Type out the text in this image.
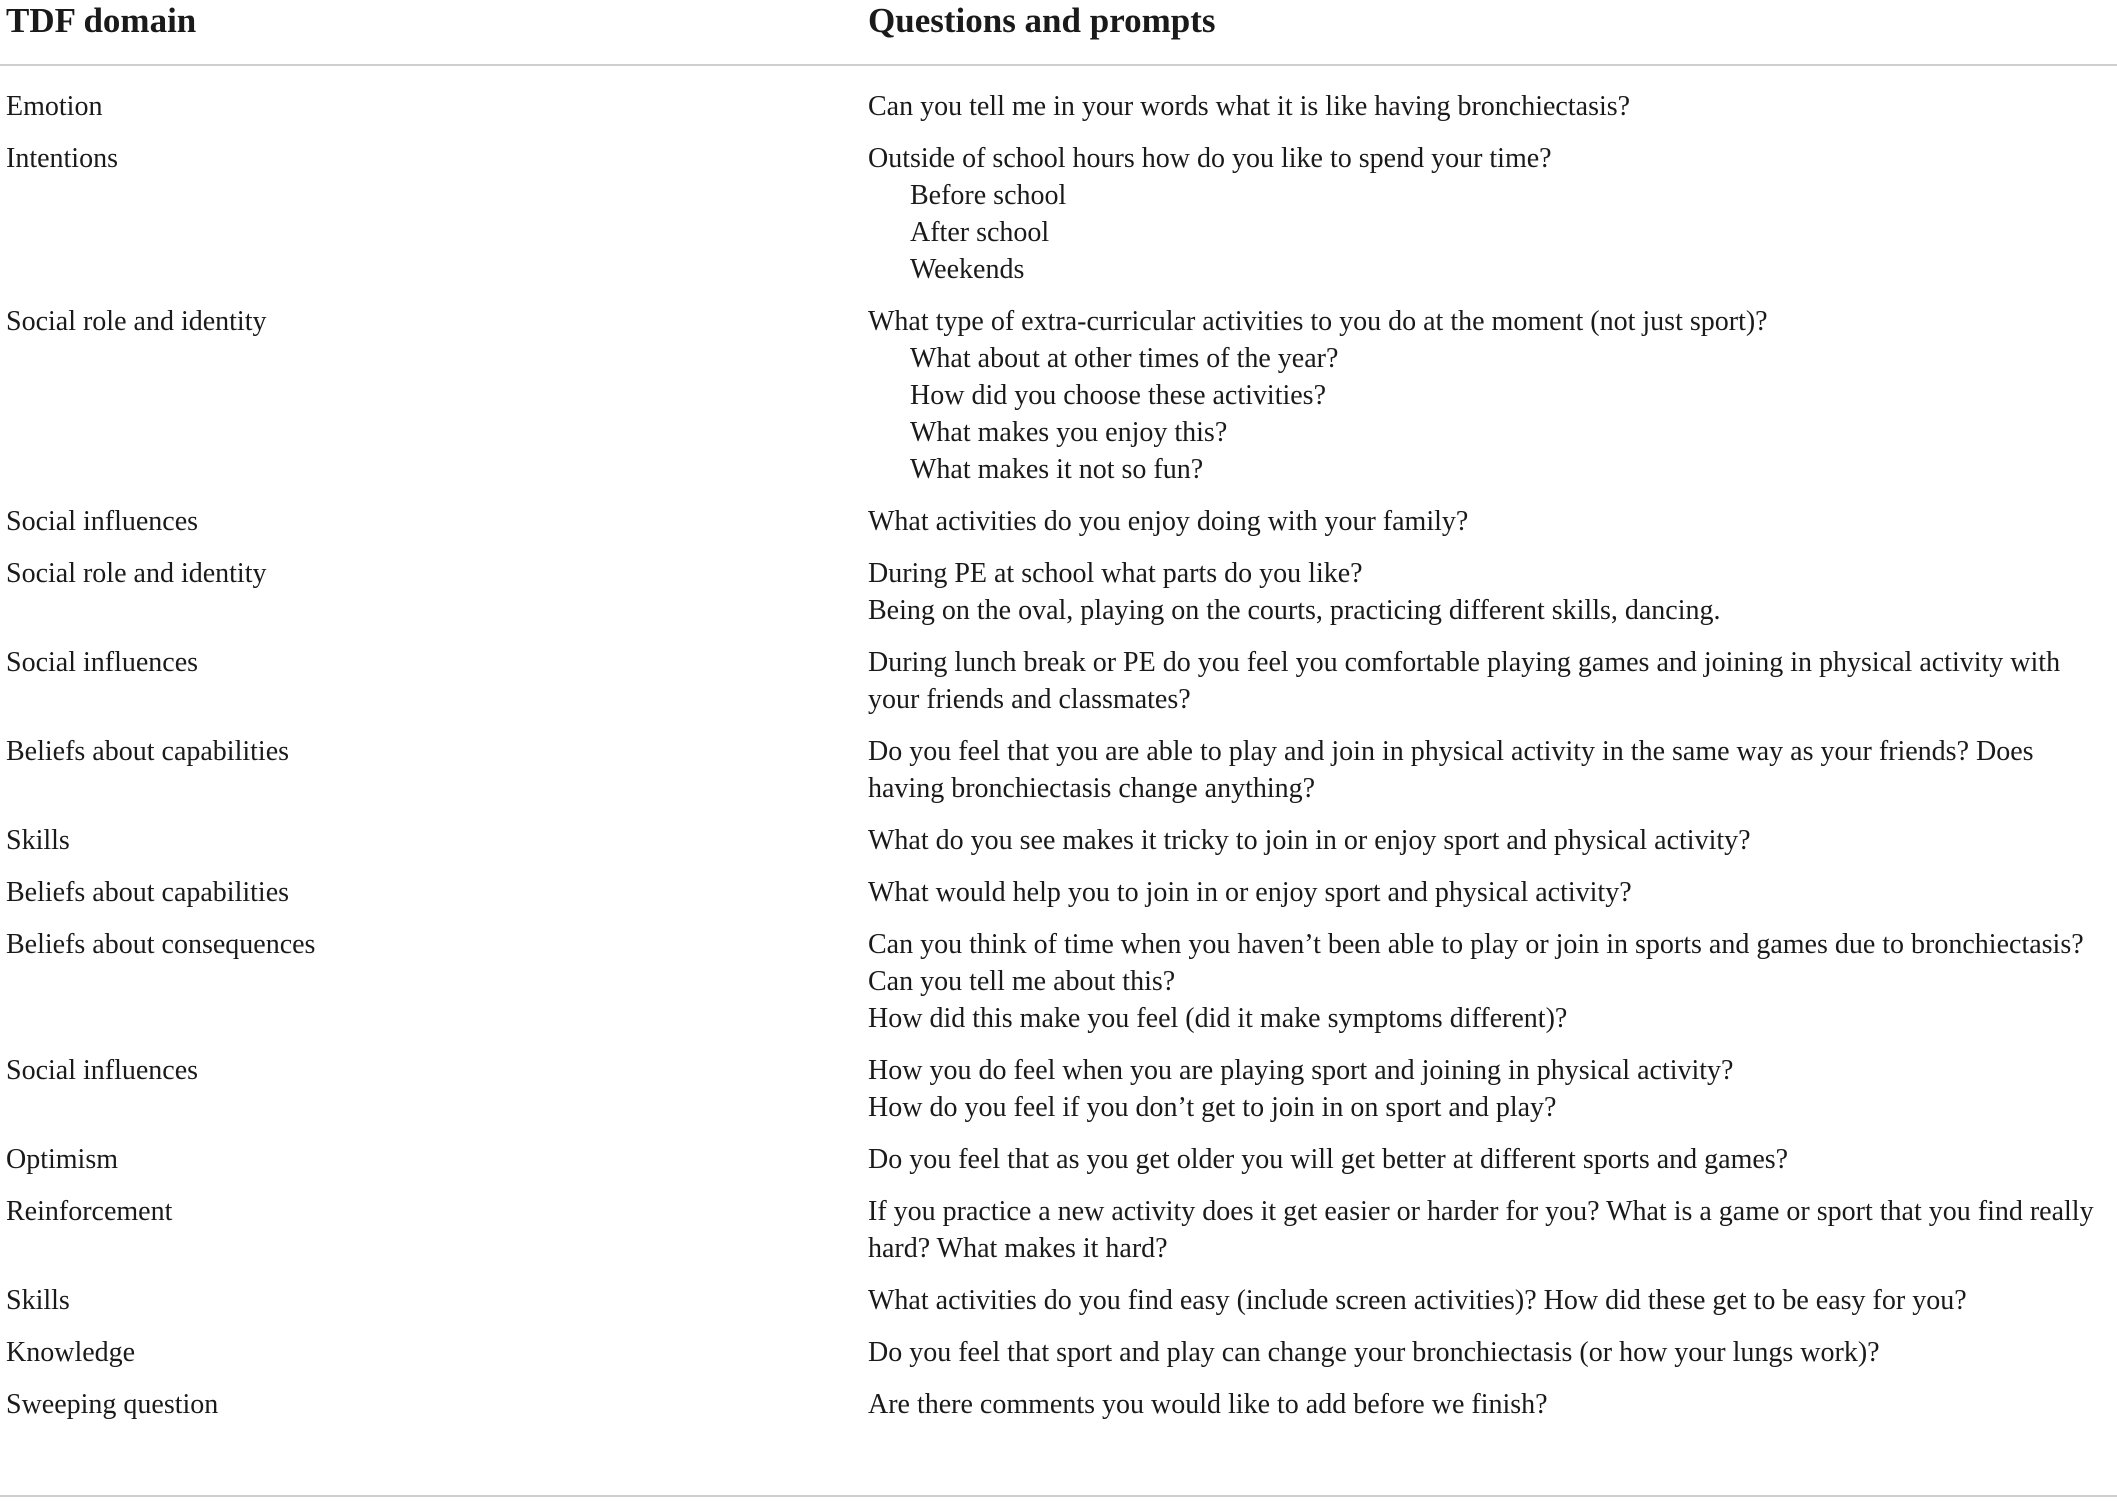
TDF domain	Questions and prompts
Emotion	Can you tell me in your words what it is like having bronchiectasis?
Intentions	Outside of school hours how do you like to spend your time?
Before school
After school
Weekends
Social role and identity	What type of extra-curricular activities to you do at the moment (not just sport)?
What about at other times of the year?
How did you choose these activities?
What makes you enjoy this?
What makes it not so fun?
Social influences	What activities do you enjoy doing with your family?
Social role and identity	During PE at school what parts do you like?
Being on the oval, playing on the courts, practicing different skills, dancing.
Social influences	During lunch break or PE do you feel you comfortable playing games and joining in physical activity with your friends and classmates?
Beliefs about capabilities	Do you feel that you are able to play and join in physical activity in the same way as your friends? Does having bronchiectasis change anything?
Skills	What do you see makes it tricky to join in or enjoy sport and physical activity?
Beliefs about capabilities	What would help you to join in or enjoy sport and physical activity?
Beliefs about consequences	Can you think of time when you haven’t been able to play or join in sports and games due to bronchiectasis?
Can you tell me about this?
How did this make you feel (did it make symptoms different)?
Social influences	How you do feel when you are playing sport and joining in physical activity?
How do you feel if you don’t get to join in on sport and play?
Optimism	Do you feel that as you get older you will get better at different sports and games?
Reinforcement	If you practice a new activity does it get easier or harder for you? What is a game or sport that you find really hard? What makes it hard?
Skills	What activities do you find easy (include screen activities)? How did these get to be easy for you?
Knowledge	Do you feel that sport and play can change your bronchiectasis (or how your lungs work)?
Sweeping question	Are there comments you would like to add before we finish?
